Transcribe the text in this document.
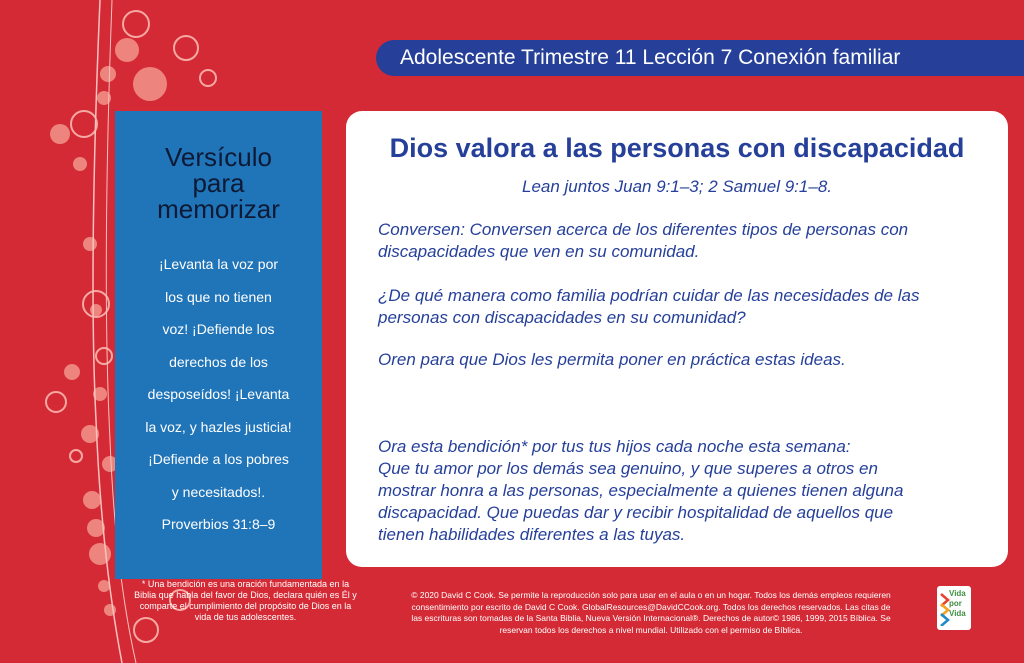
Adolescente Trimestre 11 Lección 7 Conexión familiar
Versículo
para
memorizar
¡Levanta la voz por
los que no tienen
voz! ¡Defiende los
derechos de los
desposeídos! ¡Levanta
la voz, y hazles justicia!
¡Defiende a los pobres
y necesitados!.
Proverbios 31:8–9
Dios valora a las personas con discapacidad
Lean juntos Juan 9:1–3; 2 Samuel 9:1–8.
Conversen: Conversen acerca de los diferentes tipos de personas con
discapacidades que ven en su comunidad.
¿De qué manera como familia podrían cuidar de las necesidades de las
personas con discapacidades en su comunidad?
Oren para que Dios les permita poner en práctica estas ideas.
Ora esta bendición* por tus tus hijos cada noche esta semana:
Que tu amor por los demás sea genuino, y que superes a otros en
mostrar honra a las personas, especialmente a quienes tienen alguna
discapacidad. Que puedas dar y recibir hospitalidad de aquellos que
tienen habilidades diferentes a las tuyas.
* Una bendición es una oración fundamentada en la
Biblia que habla del favor de Dios, declara quién es Él y
comparte el cumplimiento del propósito de Dios en la
vida de tus adolescentes.
© 2020 David C Cook. Se permite la reproducción solo para usar en el aula o en un hogar. Todos los demás empleos requieren
consentimiento por escrito de David C Cook. GlobalResources@DavidCCook.org. Todos los derechos reservados. Las citas de
las escrituras son tomadas de la Santa Biblia, Nueva Versión Internacional®. Derechos de autor© 1986, 1999, 2015 Bíblica. Se
reservan todos los derechos a nivel mundial. Utilizado con el permiso de Bíblica.
Vida
por
Vida
